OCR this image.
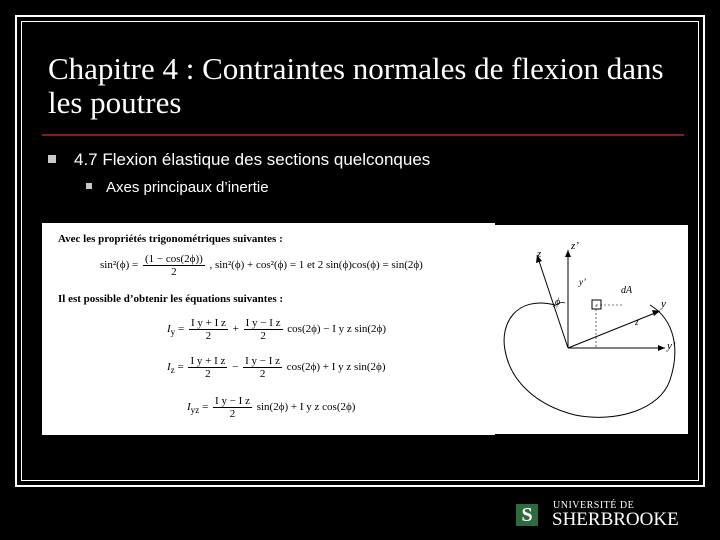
Chapitre 4 : Contraintes normales de flexion dans les poutres
4.7 Flexion élastique des sections quelconques
Axes principaux d’inertie
Avec les propriétés trigonométriques suivantes :
$\sin^2(\phi) = \frac{(1 - \cos(2\phi))}{2}$ , sin²(ϕ) + cos²(ϕ) = 1 et 2 sin(ϕ)cos(ϕ) = sin(2ϕ)
Il est possible d’obtenir les équations suivantes :
$I_y = \frac{\text{I y + I z}}{2} + \frac{\text{I y − I z}}{2} \cos(2\phi) - I$ y z sin(2ϕ)
$I_z = \frac{\text{I y + I z}}{2} - \frac{\text{I y − I z}}{2} \cos(2\phi) + I$ y z sin(2ϕ)
$I_{yz} = \frac{\text{I y − I z}}{2} \sin(2\phi) + I$ y z cos(2ϕ)
z
z’
y
y’
ϕ
dA
y’
z
S	UNIVERSITÉ DE
SHERBROOKE
